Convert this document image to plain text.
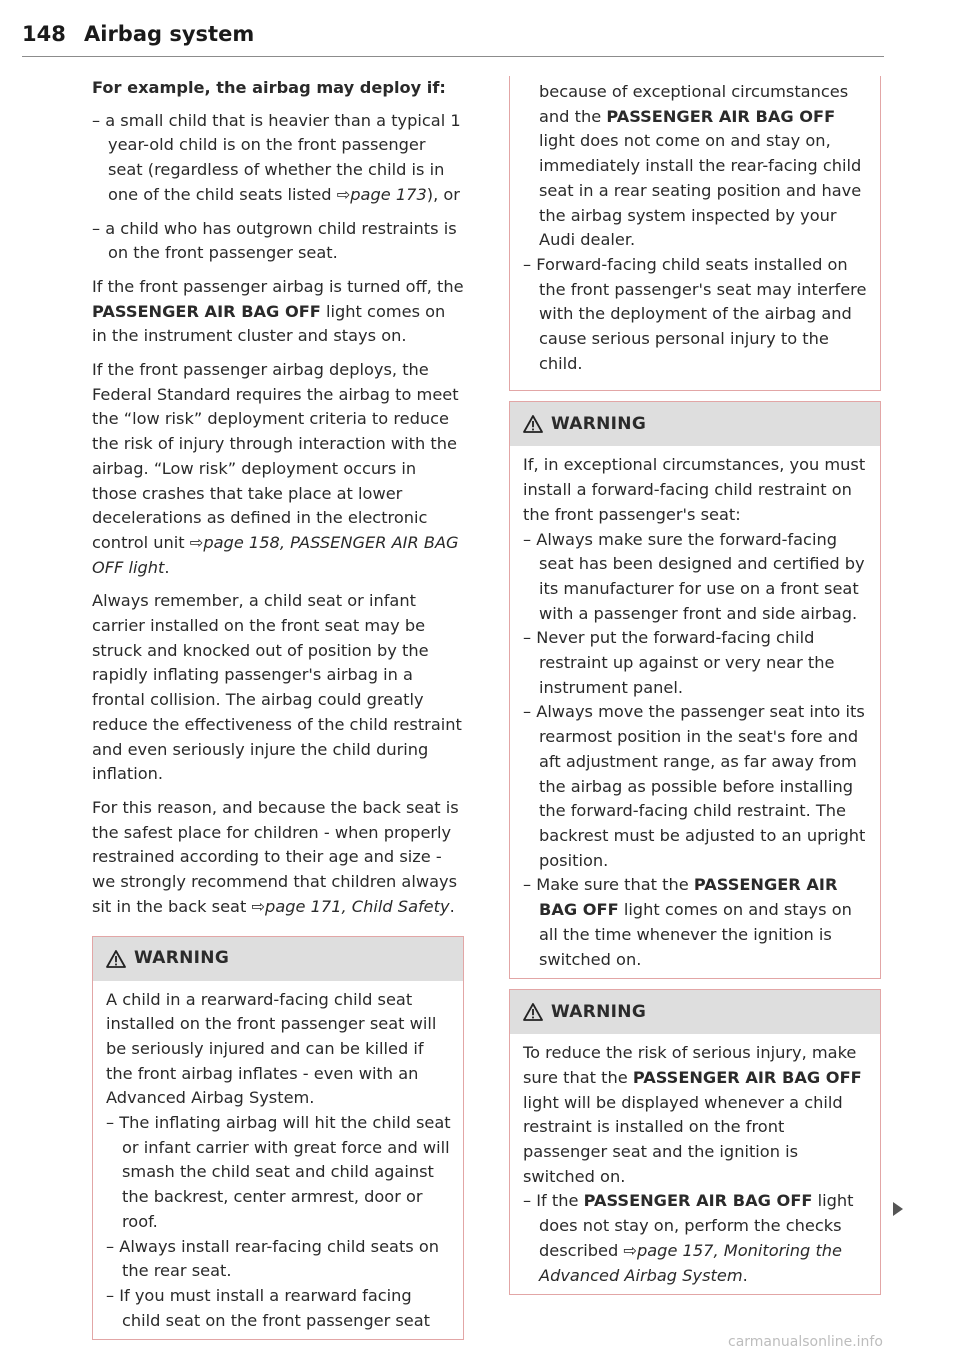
148 Airbag system

For example, the airbag may deploy if:

– a small child that is heavier than a typical 1 year-old child is on the front passenger seat (regardless of whether the child is in one of the child seats listed ⇨page 173), or

– a child who has outgrown child restraints is on the front passenger seat.

If the front passenger airbag is turned off, the PASSENGER AIR BAG OFF light comes on in the instrument cluster and stays on.

If the front passenger airbag deploys, the Federal Standard requires the airbag to meet the “low risk” deployment criteria to reduce the risk of injury through interaction with the airbag. “Low risk” deployment occurs in those crashes that take place at lower decelerations as defined in the electronic control unit ⇨page 158, PASSENGER AIR BAG OFF light.

Always remember, a child seat or infant carrier installed on the front seat may be struck and knocked out of position by the rapidly inflating passenger's airbag in a frontal collision. The airbag could greatly reduce the effectiveness of the child restraint and even seriously injure the child during inflation.

For this reason, and because the back seat is the safest place for children - when properly restrained according to their age and size - we strongly recommend that children always sit in the back seat ⇨page 171, Child Safety.

WARNING

A child in a rearward-facing child seat installed on the front passenger seat will be seriously injured and can be killed if the front airbag inflates - even with an Advanced Airbag System.

– The inflating airbag will hit the child seat or infant carrier with great force and will smash the child seat and child against the backrest, center armrest, door or roof.

– Always install rear-facing child seats on the rear seat.

– If you must install a rearward facing child seat on the front passenger seat

because of exceptional circumstances and the PASSENGER AIR BAG OFF light does not come on and stay on, immediately install the rear-facing child seat in a rear seating position and have the airbag system inspected by your Audi dealer.

– Forward-facing child seats installed on the front passenger's seat may interfere with the deployment of the airbag and cause serious personal injury to the child.

WARNING

If, in exceptional circumstances, you must install a forward-facing child restraint on the front passenger's seat:

– Always make sure the forward-facing seat has been designed and certified by its manufacturer for use on a front seat with a passenger front and side airbag.

– Never put the forward-facing child restraint up against or very near the instrument panel.

– Always move the passenger seat into its rearmost position in the seat's fore and aft adjustment range, as far away from the airbag as possible before installing the forward-facing child restraint. The backrest must be adjusted to an upright position.

– Make sure that the PASSENGER AIR BAG OFF light comes on and stays on all the time whenever the ignition is switched on.

WARNING

To reduce the risk of serious injury, make sure that the PASSENGER AIR BAG OFF light will be displayed whenever a child restraint is installed on the front passenger seat and the ignition is switched on.

– If the PASSENGER AIR BAG OFF light does not stay on, perform the checks described ⇨page 157, Monitoring the Advanced Airbag System.

carmanualsonline.info
